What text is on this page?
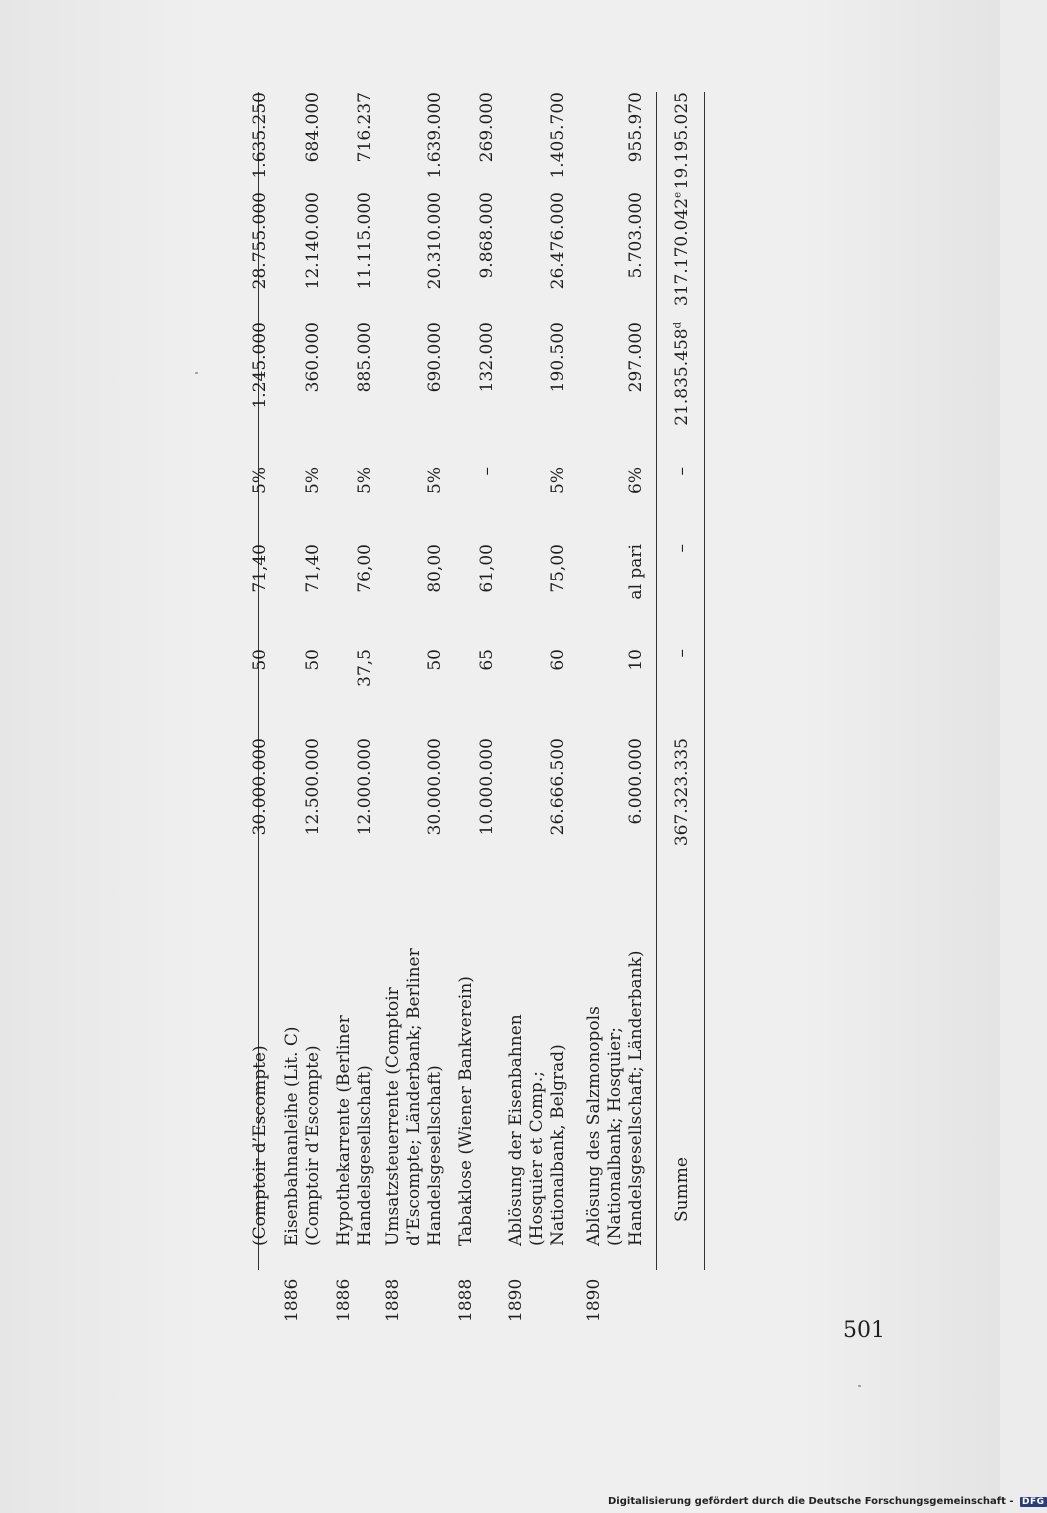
(Comptoir d’Escompte)
30.000.000
50
71,40
5%
1.245.000
28.755.000
1.635.250
1886
Eisenbahnanleihe (Lit. C) (Comptoir d’Escompte)
12.500.000
50
71,40
5%
360.000
12.140.000
684.000
1886
Hypothekarrente (Berliner Handelsgesellschaft)
12.000.000
37,5
76,00
5%
885.000
11.115.000
716.237
1888
Umsatzsteuerrente (Comptoir d’Escompte; Länderbank; Berliner Handelsgesellschaft)
30.000.000
50
80,00
5%
690.000
20.310.000
1.639.000
1888
Tabaklose (Wiener Bankverein)
10.000.000
65
61,00
–
132.000
9.868.000
269.000
1890
Ablösung der Eisenbahnen (Hosquier et Comp.; Nationalbank, Belgrad)
26.666.500
60
75,00
5%
190.500
26.476.000
1.405.700
1890
Ablösung des Salzmonopols (Nationalbank; Hosquier; Handelsgesellschaft; Länderbank)
6.000.000
10
al pari
6%
297.000
5.703.000
955.970
Summe
367.323.335
–
–
–
21.835.458$^d$
317.170.042e
19.195.025
501
Digitalisierung gefördert durch die Deutsche Forschungsgemeinschaft - DFG
